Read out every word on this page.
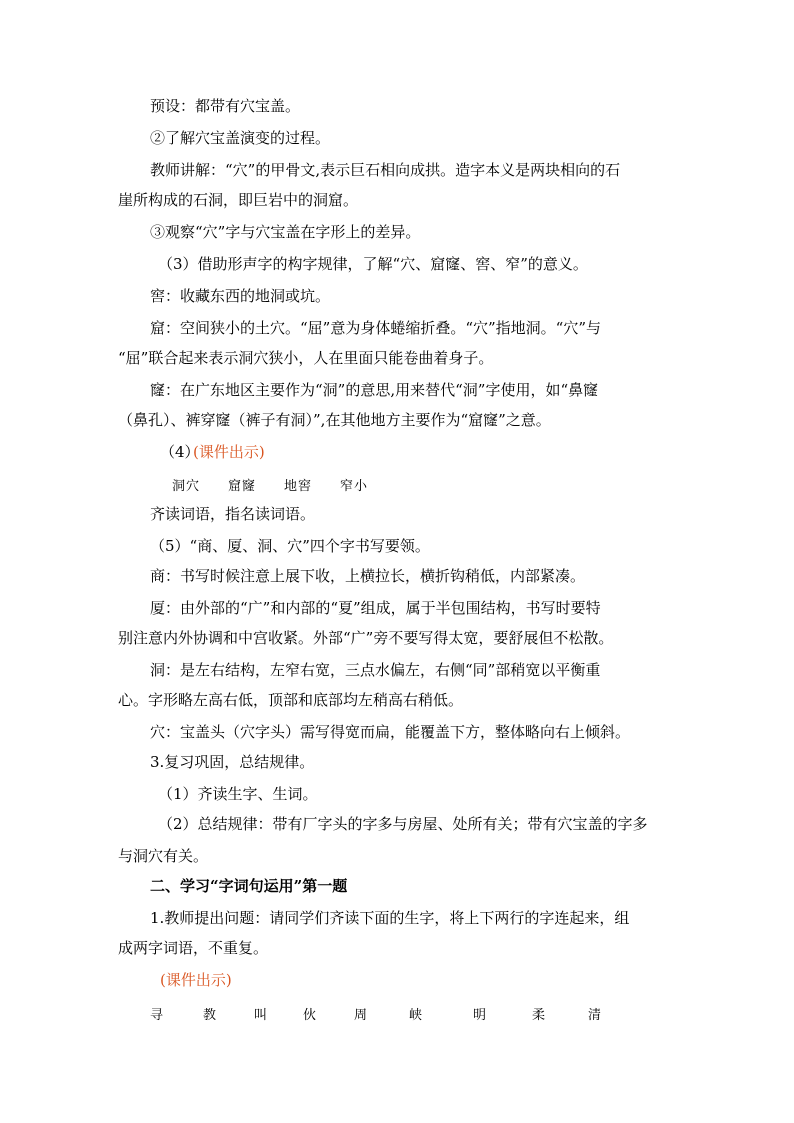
预设：都带有穴宝盖。
②了解穴宝盖演变的过程。
教师讲解：“穴”的甲骨文,表示巨石相向成拱。造字本义是两块相向的石
崖所构成的石洞，即巨岩中的洞窟。
③观察“穴”字与穴宝盖在字形上的差异。
（3）借助形声字的构字规律，了解“穴、窟窿、窖、窄”的意义。
窖：收藏东西的地洞或坑。
窟：空间狭小的土穴。“屈”意为身体蜷缩折叠。“穴”指地洞。“穴”与
“屈”联合起来表示洞穴狭小，人在里面只能卷曲着身子。
窿：在广东地区主要作为“洞”的意思,用来替代“洞”字使用，如“鼻窿
（鼻孔）、裤穿窿（裤子有洞）”,在其他地方主要作为“窟窿”之意。
（4）
(课件出示)
洞穴　　窟窿　　地窖　　窄小
齐读词语，指名读词语。
（5）“商、厦、洞、穴”四个字书写要领。
商：书写时候注意上展下收，上横拉长，横折钩稍低，内部紧凑。
厦：由外部的“广”和内部的“夏”组成，属于半包围结构，书写时要特
别注意内外协调和中宫收紧。外部“广”旁不要写得太宽，要舒展但不松散。
洞：是左右结构，左窄右宽，三点水偏左，右侧“同”部稍宽以平衡重
心。字形略左高右低，顶部和底部均左稍高右稍低。
穴：宝盖头（穴字头）需写得宽而扁，能覆盖下方，整体略向右上倾斜。
3.复习巩固，总结规律。
（1）齐读生字、生词。
（2）总结规律：带有厂字头的字多与房屋、处所有关；带有穴宝盖的字多
与洞穴有关。
二、学习“字词句运用”第一题
1.教师提出问题：请同学们齐读下面的生字，将上下两行的字连起来，组
成两字词语，不重复。
(课件出示)
寻	教	叫	伙	周	峡	明	柔	清
